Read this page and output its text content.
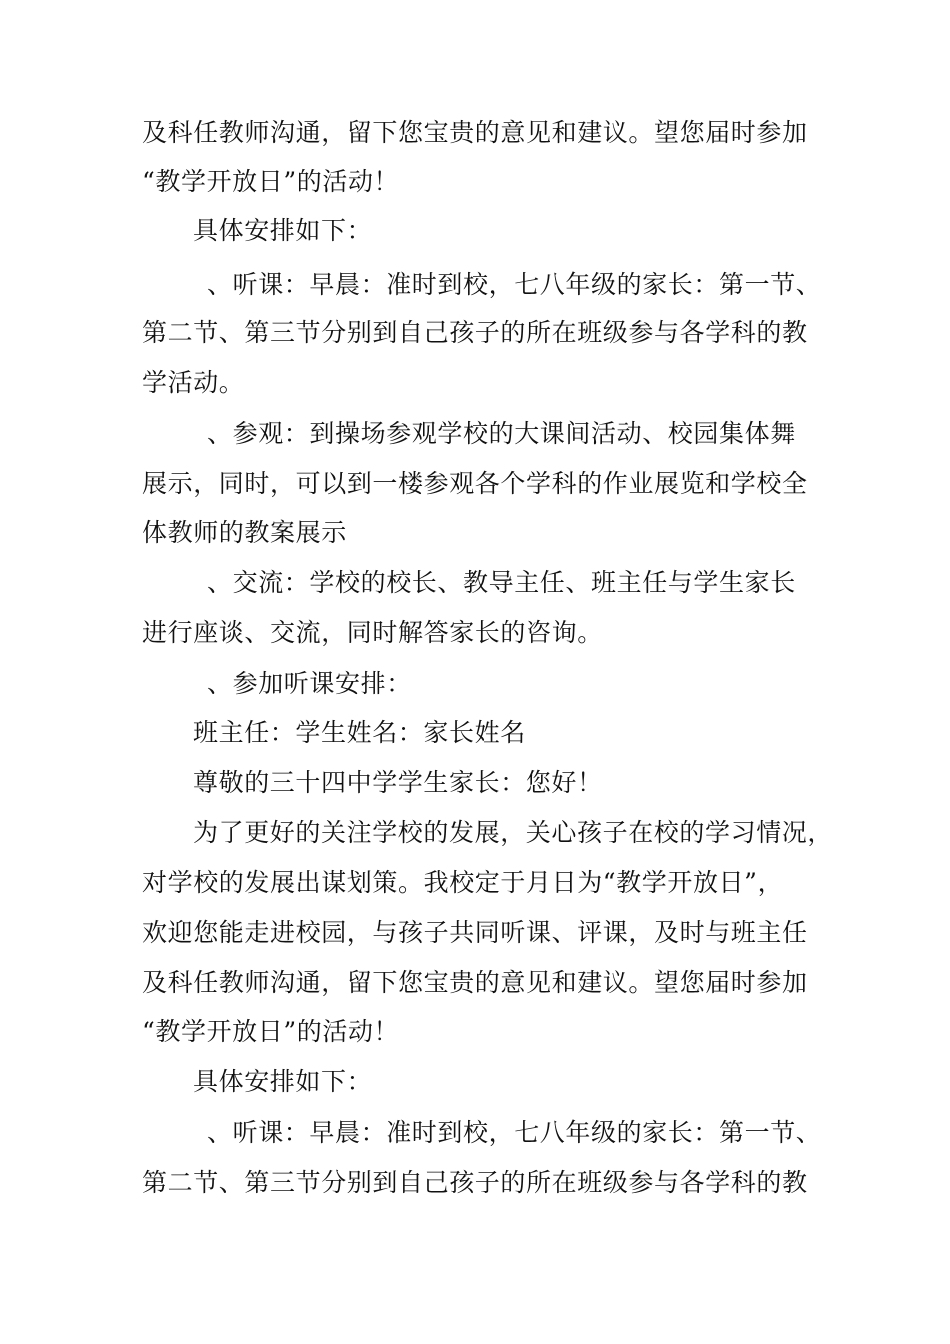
及科任教师沟通，留下您宝贵的意见和建议。望您届时参加
“教学开放日”的活动！
具体安排如下：
、听课：早晨：准时到校，七八年级的家长：第一节、
第二节、第三节分别到自己孩子的所在班级参与各学科的教
学活动。
、参观：到操场参观学校的大课间活动、校园集体舞
展示，同时，可以到一楼参观各个学科的作业展览和学校全
体教师的教案展示
、交流：学校的校长、教导主任、班主任与学生家长
进行座谈、交流，同时解答家长的咨询。
、参加听课安排：
班主任：学生姓名：家长姓名
尊敬的三十四中学学生家长：您好！
为了更好的关注学校的发展，关心孩子在校的学习情况，
对学校的发展出谋划策。我校定于月日为“教学开放日”，
欢迎您能走进校园，与孩子共同听课、评课，及时与班主任
及科任教师沟通，留下您宝贵的意见和建议。望您届时参加
“教学开放日”的活动！
具体安排如下：
、听课：早晨：准时到校，七八年级的家长：第一节、
第二节、第三节分别到自己孩子的所在班级参与各学科的教
